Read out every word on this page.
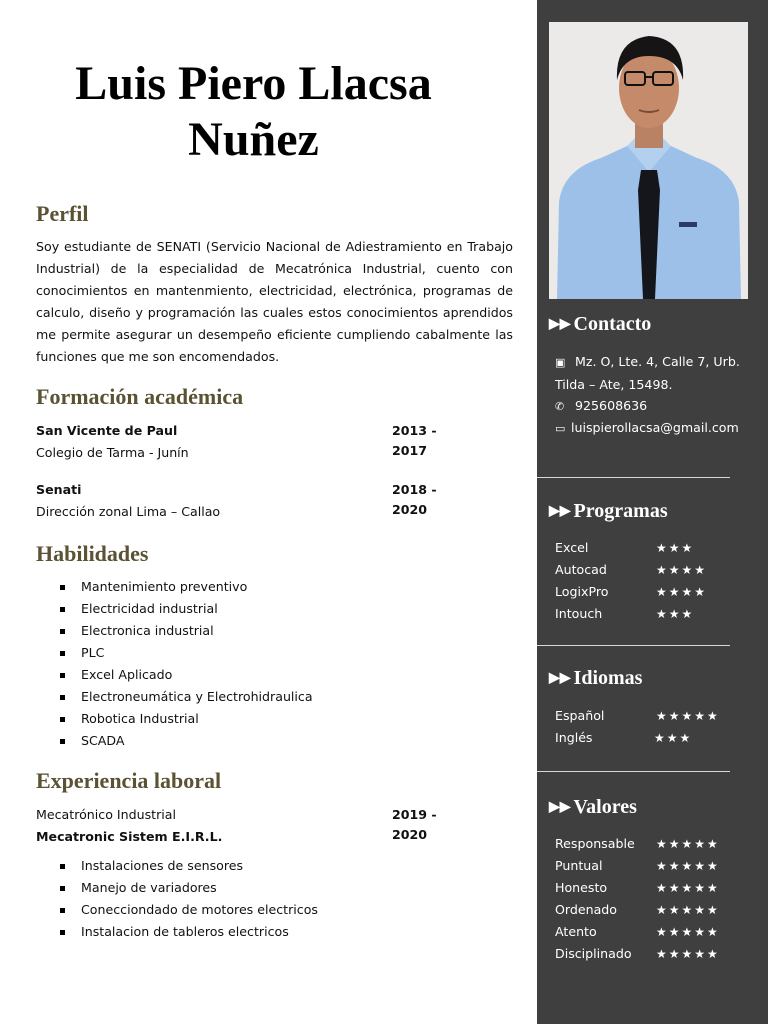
Luis Piero Llacsa
Nuñez
Perfil
Soy estudiante de SENATI (Servicio Nacional de Adiestramiento en Trabajo Industrial) de la especialidad de Mecatrónica Industrial, cuento con conocimientos en mantenmiento, electricidad, electrónica, programas de calculo, diseño y programación las cuales estos conocimientos aprendidos me permite asegurar un desempeño eficiente cumpliendo cabalmente las funciones que me son encomendados.
Formación académica
San Vicente de Paul	2013 - 2017
Colegio de Tarma - Junín
Senati	2018 - 2020
Dirección zonal Lima – Callao
Habilidades
Mantenimiento preventivo
Electricidad industrial
Electronica industrial
PLC
Excel Aplicado
Electroneumática y Electrohidraulica
Robotica Industrial
SCADA
Experiencia laboral
Mecatrónico Industrial	2019 - 2020
Mecatronic Sistem E.I.R.L.
Instalaciones de sensores
Manejo de variadores
Conecciondado de motores electricos
Instalacion de tableros electricos
▶▶ Contacto
▣ Mz. O, Lte. 4, Calle 7, Urb.
Tilda – Ate, 15498.
✆ 925608636
▭ luispierollacsa@gmail.com
▶▶ Programas
Excel	★★★
Autocad	★★★★
LogixPro	★★★★
Intouch	★★★
▶▶ Idiomas
Español	★★★★★
Inglés	★★★
▶▶ Valores
Responsable ★★★★★
Puntual	★★★★★
Honesto	★★★★★
Ordenado	★★★★★
Atento	★★★★★
Disciplinado ★★★★★
